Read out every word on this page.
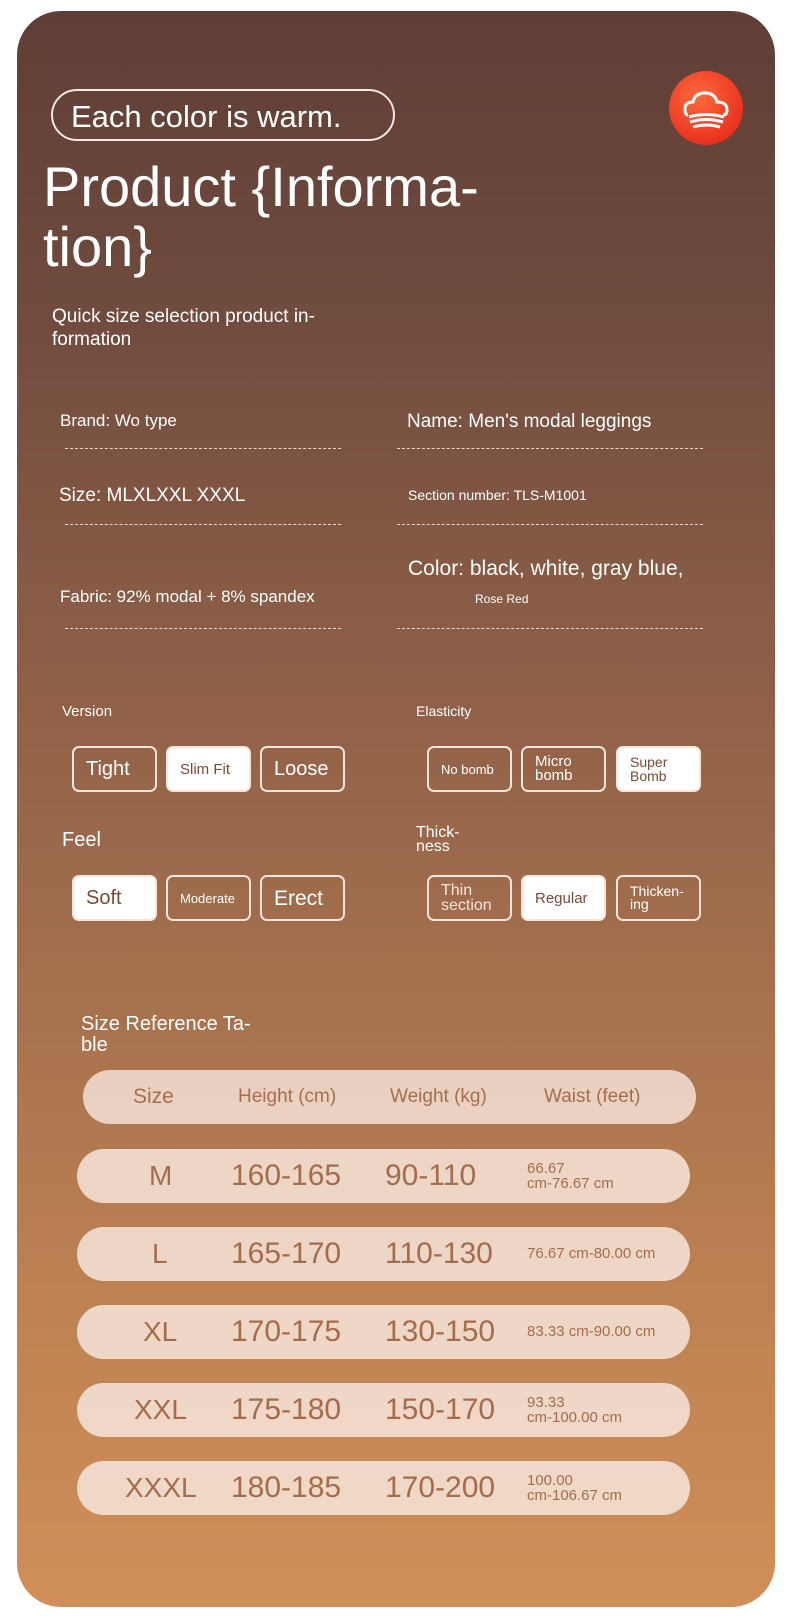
Each color is warm.
Product {Informa-
tion}
Quick size selection product in-
formation
Brand: Wo type	Name: Men's modal leggings
Size: MLXLXXL XXXL	Section number: TLS-M1001
Fabric: 92% modal + 8% spandex
Color: black, white, gray blue,
Rose Red
Version
Tight	Slim Fit	Loose
Elasticity
No bomb	Micro bomb
Super Bomb
Feel
Soft	Moderate	Erect
Thick- ness
Thin section	Regular	Thicken- ing
Size Reference Ta- ble
Size	Height (cm)	Weight (kg)	Waist (feet)
M 160-165 90-110	66.67
cm-76.67 cm
L 165-170 110-130 76.67 cm-80.00 cm
XL 170-175 130-150 83.33 cm-90.00 cm
XXL 175-180 150-170 93.33
cm-100.00 cm
XXXL 180-185 170-200 100.00
cm-106.67 cm
